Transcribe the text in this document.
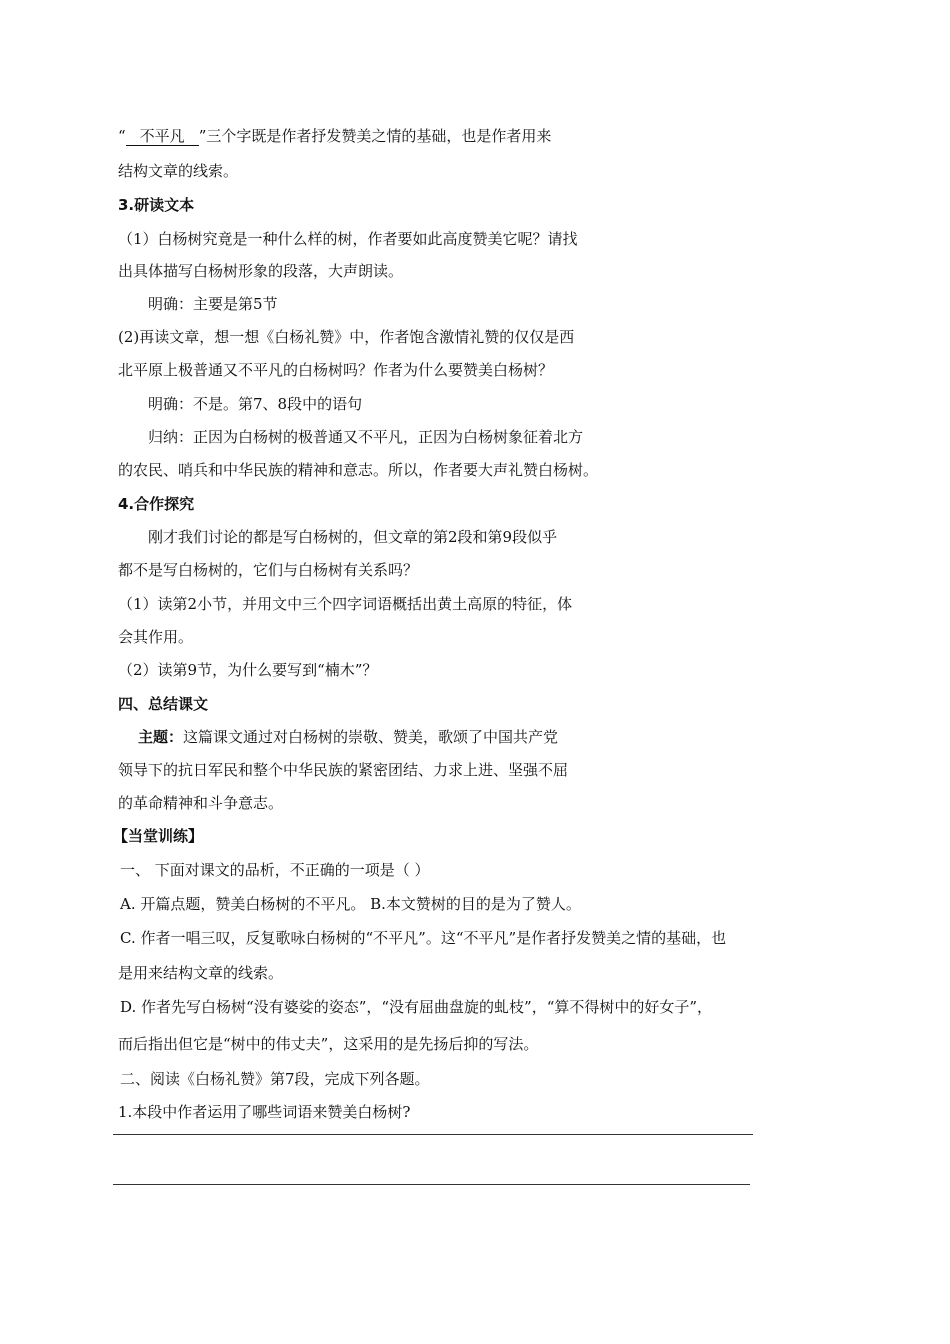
“ 不平凡 ”三个字既是作者抒发赞美之情的基础，也是作者用来
结构文章的线索。
3.研读文本
（1）白杨树究竟是一种什么样的树，作者要如此高度赞美它呢？请找
出具体描写白杨树形象的段落，大声朗读。
明确：主要是第5节
(2)再读文章，想一想《白杨礼赞》中，作者饱含激情礼赞的仅仅是西
北平原上极普通又不平凡的白杨树吗？作者为什么要赞美白杨树？
明确：不是。第7、8段中的语句
归纳：正因为白杨树的极普通又不平凡，正因为白杨树象征着北方
的农民、哨兵和中华民族的精神和意志。所以，作者要大声礼赞白杨树。
4.合作探究
刚才我们讨论的都是写白杨树的，但文章的第2段和第9段似乎
都不是写白杨树的，它们与白杨树有关系吗？
（1）读第2小节，并用文中三个四字词语概括出黄土高原的特征，体
会其作用。
（2）读第9节，为什么要写到“楠木”？
四、总结课文
主题：这篇课文通过对白杨树的崇敬、赞美，歌颂了中国共产党
领导下的抗日军民和整个中华民族的紧密团结、力求上进、坚强不屈
的革命精神和斗争意志。
【当堂训练】
一、 下面对课文的品析，不正确的一项是（ ）
A. 开篇点题，赞美白杨树的不平凡。 B.本文赞树的目的是为了赞人。
C. 作者一唱三叹，反复歌咏白杨树的“不平凡”。这“不平凡”是作者抒发赞美之情的基础，也
是用来结构文章的线索。
D. 作者先写白杨树“没有婆娑的姿态”，“没有屈曲盘旋的虬枝”，“算不得树中的好女子”，
而后指出但它是“树中的伟丈夫”，这采用的是先扬后抑的写法。
二、阅读《白杨礼赞》第7段，完成下列各题。
1.本段中作者运用了哪些词语来赞美白杨树?
